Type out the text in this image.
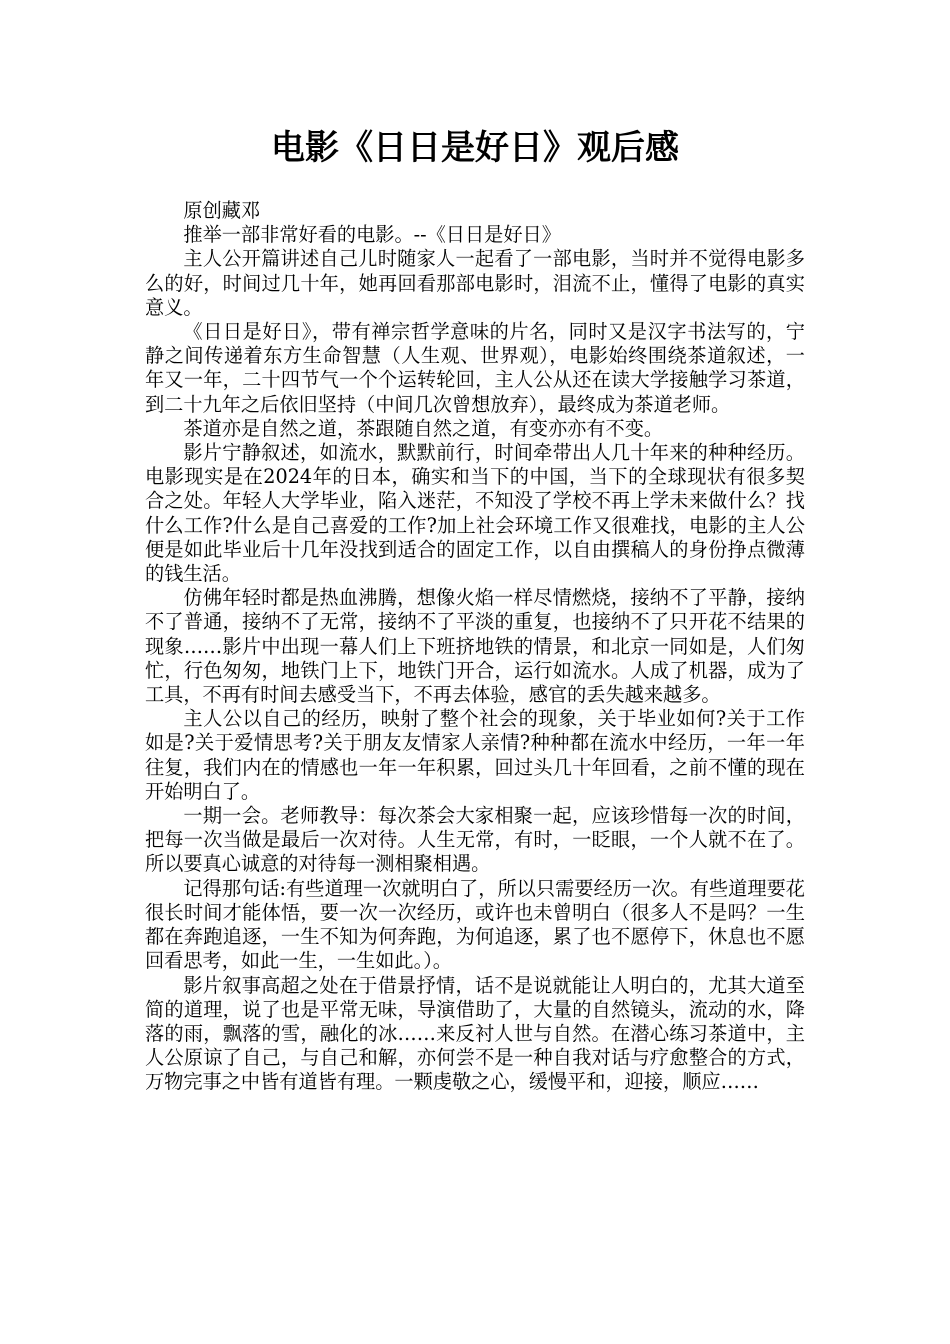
电影《日日是好日》观后感

原创藏邓

推举一部非常好看的电影。--《日日是好日》

主人公开篇讲述自己儿时随家人一起看了一部电影，当时并不觉得电影多么的好，时间过几十年，她再回看那部电影时，泪流不止，懂得了电影的真实意义。

《日日是好日》，带有禅宗哲学意味的片名，同时又是汉字书法写的，宁静之间传递着东方生命智慧（人生观、世界观），电影始终围绕茶道叙述，一年又一年，二十四节气一个个运转轮回，主人公从还在读大学接触学习茶道，到二十九年之后依旧坚持（中间几次曾想放弃），最终成为茶道老师。

茶道亦是自然之道，茶跟随自然之道，有变亦亦有不变。

影片宁静叙述，如流水，默默前行，时间牵带出人几十年来的种种经历。电影现实是在2024年的日本，确实和当下的中国，当下的全球现状有很多契合之处。年轻人大学毕业，陷入迷茫，不知没了学校不再上学未来做什么？找什么工作?什么是自己喜爱的工作?加上社会环境工作又很难找，电影的主人公便是如此毕业后十几年没找到适合的固定工作，以自由撰稿人的身份挣点微薄的钱生活。

仿佛年轻时都是热血沸腾，想像火焰一样尽情燃烧，接纳不了平静，接纳不了普通，接纳不了无常，接纳不了平淡的重复，也接纳不了只开花不结果的现象……影片中出现一幕人们上下班挤地铁的情景，和北京一同如是，人们匆忙，行色匆匆，地铁门上下，地铁门开合，运行如流水。人成了机器，成为了工具，不再有时间去感受当下，不再去体验，感官的丢失越来越多。

主人公以自己的经历，映射了整个社会的现象，关于毕业如何?关于工作如是?关于爱情思考?关于朋友友情家人亲情?种种都在流水中经历，一年一年往复，我们内在的情感也一年一年积累，回过头几十年回看，之前不懂的现在开始明白了。

一期一会。老师教导：每次茶会大家相聚一起，应该珍惜每一次的时间，把每一次当做是最后一次对待。人生无常，有时，一眨眼，一个人就不在了。所以要真心诚意的对待每一测相聚相遇。

记得那句话:有些道理一次就明白了，所以只需要经历一次。有些道理要花很长时间才能体悟，要一次一次经历，或许也未曾明白（很多人不是吗？一生都在奔跑追逐，一生不知为何奔跑，为何追逐，累了也不愿停下，休息也不愿回看思考，如此一生，一生如此。）。

影片叙事高超之处在于借景抒情，话不是说就能让人明白的，尤其大道至简的道理，说了也是平常无味，导演借助了，大量的自然镜头，流动的水，降落的雨，飘落的雪，融化的冰……来反衬人世与自然。在潜心练习茶道中，主人公原谅了自己，与自己和解，亦何尝不是一种自我对话与疗愈整合的方式，万物完事之中皆有道皆有理。一颗虔敬之心，缓慢平和，迎接，顺应……
